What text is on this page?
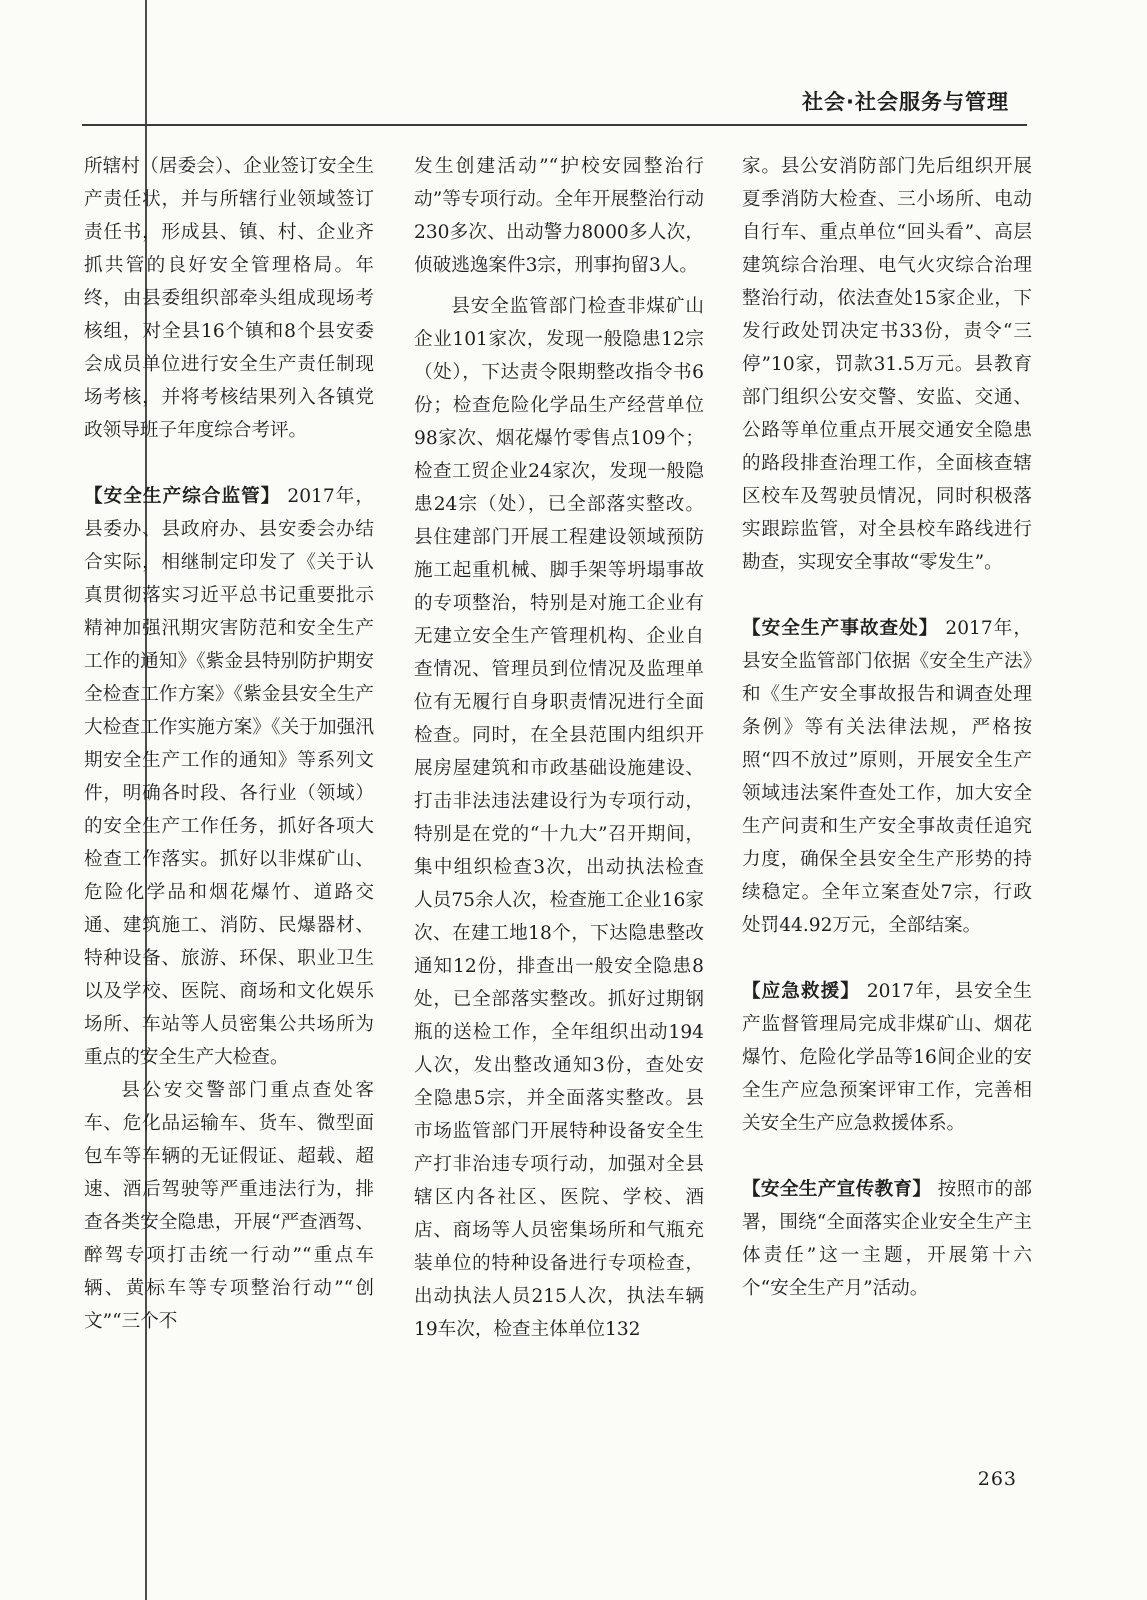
社会·社会服务与管理

所辖村（居委会）、企业签订安全生产责任状，并与所辖行业领域签订责任书，形成县、镇、村、企业齐抓共管的良好安全管理格局。年终，由县委组织部牵头组成现场考核组，对全县16个镇和8个县安委会成员单位进行安全生产责任制现场考核，并将考核结果列入各镇党政领导班子年度综合考评。

【安全生产综合监管】 2017年，县委办、县政府办、县安委会办结合实际，相继制定印发了《关于认真贯彻落实习近平总书记重要批示精神加强汛期灾害防范和安全生产工作的通知》《紫金县特别防护期安全检查工作方案》《紫金县安全生产大检查工作实施方案》《关于加强汛期安全生产工作的通知》等系列文件，明确各时段、各行业（领域）的安全生产工作任务，抓好各项大检查工作落实。抓好以非煤矿山、危险化学品和烟花爆竹、道路交通、建筑施工、消防、民爆器材、特种设备、旅游、环保、职业卫生以及学校、医院、商场和文化娱乐场所、车站等人员密集公共场所为重点的安全生产大检查。

县公安交警部门重点查处客车、危化品运输车、货车、微型面包车等车辆的无证假证、超载、超速、酒后驾驶等严重违法行为，排查各类安全隐患，开展“严查酒驾、醉驾专项打击统一行动”“重点车辆、黄标车等专项整治行动”“创文”“三个不

发生创建活动”“护校安园整治行动”等专项行动。全年开展整治行动230多次、出动警力8000多人次，侦破逃逸案件3宗，刑事拘留3人。

县安全监管部门检查非煤矿山企业101家次，发现一般隐患12宗（处），下达责令限期整改指令书6份；检查危险化学品生产经营单位98家次、烟花爆竹零售点109个；检查工贸企业24家次，发现一般隐患24宗（处），已全部落实整改。县住建部门开展工程建设领域预防施工起重机械、脚手架等坍塌事故的专项整治，特别是对施工企业有无建立安全生产管理机构、企业自查情况、管理员到位情况及监理单位有无履行自身职责情况进行全面检查。同时，在全县范围内组织开展房屋建筑和市政基础设施建设、打击非法违法建设行为专项行动，特别是在党的“十九大”召开期间，集中组织检查3次，出动执法检查人员75余人次，检查施工企业16家次、在建工地18个，下达隐患整改通知12份，排查出一般安全隐患8处，已全部落实整改。抓好过期钢瓶的送检工作，全年组织出动194人次，发出整改通知3份，查处安全隐患5宗，并全面落实整改。县市场监管部门开展特种设备安全生产打非治违专项行动，加强对全县辖区内各社区、医院、学校、酒店、商场等人员密集场所和气瓶充装单位的特种设备进行专项检查，出动执法人员215人次，执法车辆19车次，检查主体单位132

家。县公安消防部门先后组织开展夏季消防大检查、三小场所、电动自行车、重点单位“回头看”、高层建筑综合治理、电气火灾综合治理整治行动，依法查处15家企业，下发行政处罚决定书33份，责令“三停”10家，罚款31.5万元。县教育部门组织公安交警、安监、交通、公路等单位重点开展交通安全隐患的路段排查治理工作，全面核查辖区校车及驾驶员情况，同时积极落实跟踪监管，对全县校车路线进行勘查，实现安全事故“零发生”。

【安全生产事故查处】 2017年，县安全监管部门依据《安全生产法》和《生产安全事故报告和调查处理条例》等有关法律法规，严格按照“四不放过”原则，开展安全生产领域违法案件查处工作，加大安全生产问责和生产安全事故责任追究力度，确保全县安全生产形势的持续稳定。全年立案查处7宗，行政处罚44.92万元，全部结案。

【应急救援】 2017年，县安全生产监督管理局完成非煤矿山、烟花爆竹、危险化学品等16间企业的安全生产应急预案评审工作，完善相关安全生产应急救援体系。

【安全生产宣传教育】 按照市的部署，围绕“全面落实企业安全生产主体责任”这一主题，开展第十六个“安全生产月”活动。

263
